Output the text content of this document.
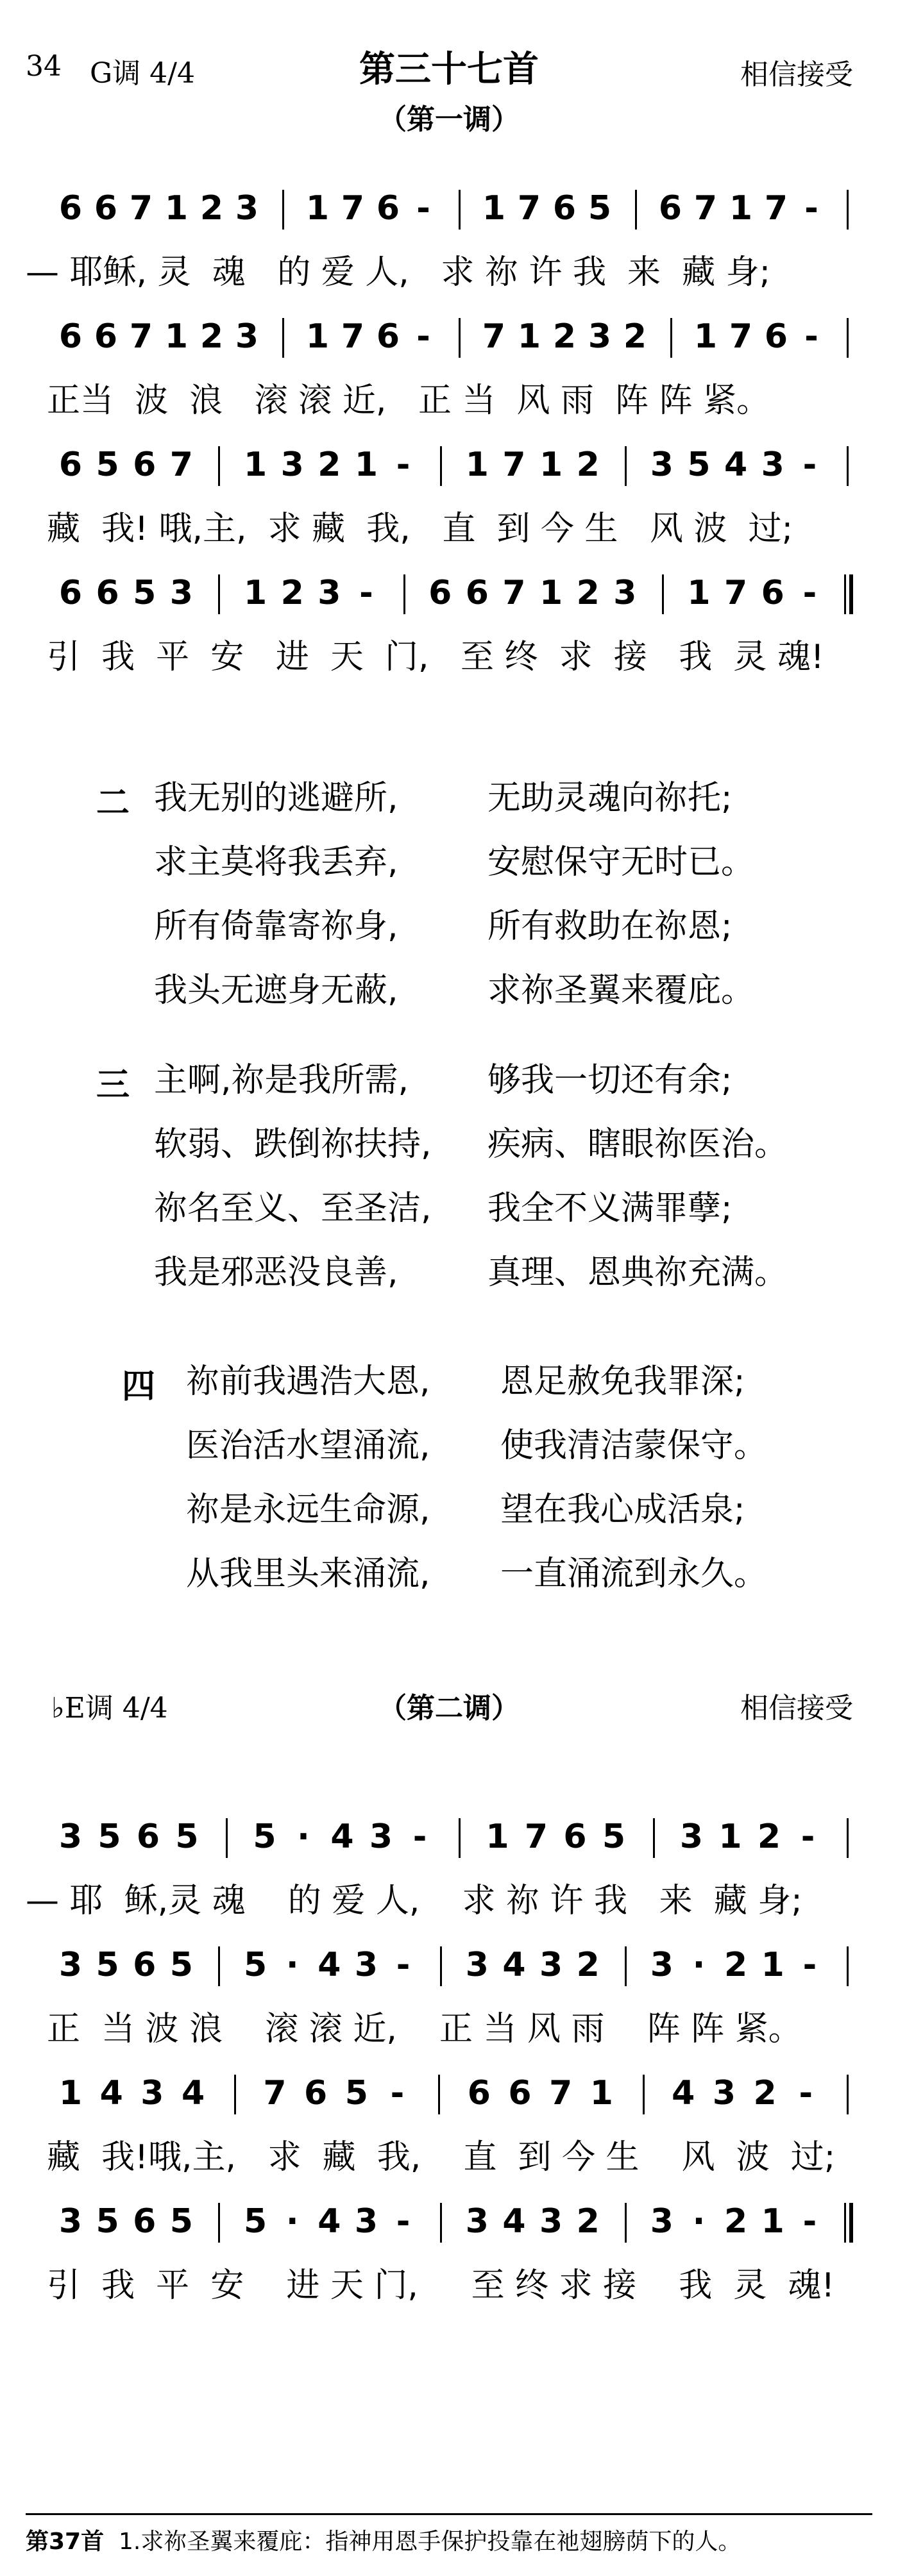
34 G调 4/4	第三十七首
（第一调）
相信接受
6 6 7 1 2 3 1 7 6 -	1 7 6 5 6 7 1 7 -
— 耶稣, 灵  魂   的 爱 人,   求 祢 许 我  来  藏 身;
6 6 7 1 2 3 1 7 6 -	7 1 2 3 2 1 7 6 -
正当  波  浪   滚 滚 近,   正 当  风 雨  阵 阵 紧。
6 5 6 7 1 3 2 1 -	1 7 1 2 3 5 4 3 -
藏  我! 哦,主,  求 藏  我,   直  到 今 生   风 波  过;
6 6 5 3 1 2 3 -	6 6 7 1 2 3 1 7 6 -
引  我  平  安   进  天  门,   至 终  求  接   我  灵 魂!
二 我无别的逃避所,	无助灵魂向祢托;
求主莫将我丢弃,	安慰保守无时已。
所有倚靠寄祢身,	所有救助在祢恩;
我头无遮身无蔽,	求祢圣翼来覆庇。
三 主啊,祢是我所需, 够我一切还有余;
软弱、跌倒祢扶持, 疾病、瞎眼祢医治。
祢名至义、至圣洁, 我全不义满罪孽;
我是邪恶没良善,	真理、恩典祢充满。
四 祢前我遇浩大恩, 恩足赦免我罪深;
医治活水望涌流, 使我清洁蒙保守。
祢是永远生命源, 望在我心成活泉;
从我里头来涌流, 一直涌流到永久。
♭E调 4/4	（第二调）	相信接受
3 5 6 5 5 · 4 3 -	1 7 6 5 3 1 2 -
— 耶  稣,灵 魂    的 爱 人,    求 祢 许 我   来  藏 身;
3 5 6 5 5 · 4 3 -	3 4 3 2 3 · 2 1 -
正  当 波 浪    滚 滚 近,    正 当 风 雨    阵 阵 紧。
1 4 3 4 7 6 5 -	6 6 7 1 4 3 2 -
藏  我!哦,主,   求  藏  我,    直  到 今 生    风  波  过;
3 5 6 5 5 · 4 3 -	3 4 3 2 3 · 2 1 -
引  我  平  安    进 天 门,     至 终 求 接    我  灵  魂!
第37首  1.求祢圣翼来覆庇：指神用恩手保护投靠在祂翅膀荫下的人。
